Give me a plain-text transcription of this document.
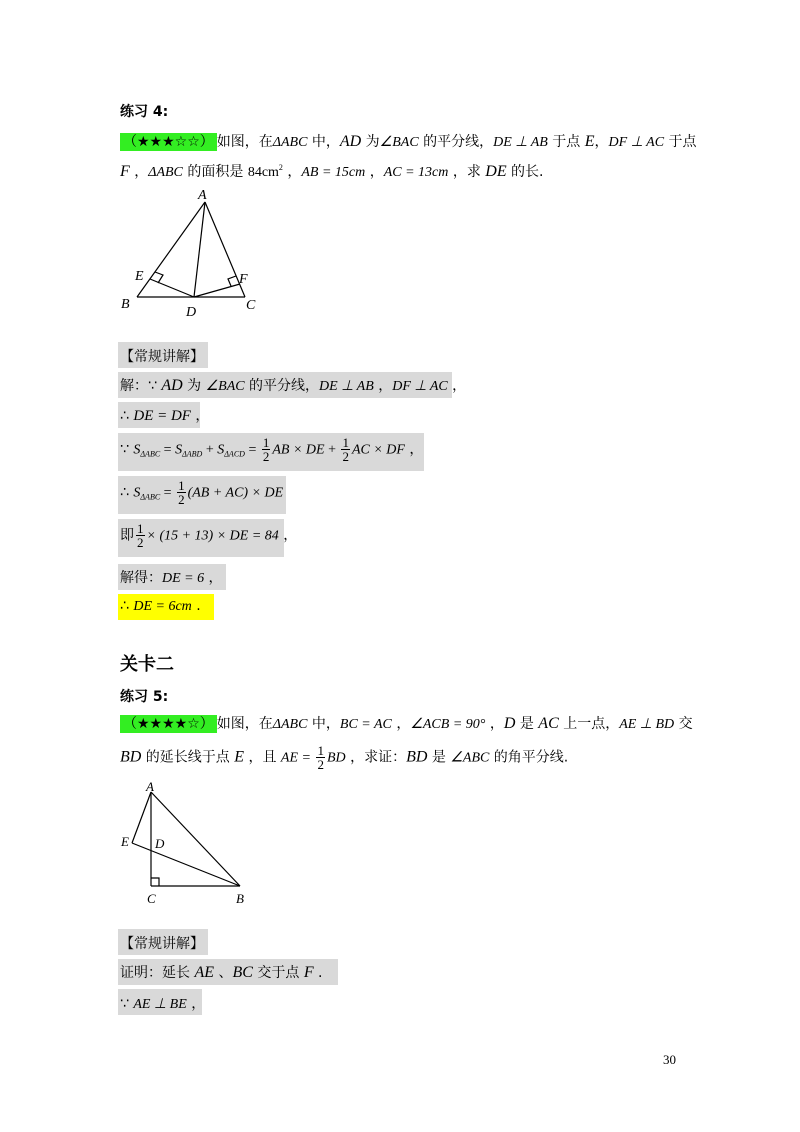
练习 4:
（★★★☆☆） 如图，在ΔABC 中，AD 为∠BAC 的平分线，DE ⊥ AB 于点 E，DF ⊥ AC 于点
F ，ΔABC 的面积是 $84cm^2$ ，AB = 15cm ，AC = 13cm ，求 DE 的长.
A
B	C
D
E	F
【常规讲解】
解：∵ AD 为 ∠BAC 的平分线，DE ⊥ AB ，DF ⊥ AC ，
∴ DE = DF ，
∵ $S_{\Delta ABC} = S_{\Delta ABD} + S_{\Delta ACD} = \frac{1}{2}$ AB × DE + $\frac{1}{2}$ AC × DF ，
∴ $S_{\Delta ABC} = \frac{1}{2} (AB + AC)$ × DE
即 $\frac{1}{2} \times (15 + 13)$ × DE = 84 ，
解得：DE = 6 ，
∴ DE = 6cm .
关卡二
练习 5:
（★★★★☆） 如图，在ΔABC 中，BC = AC ，∠ACB = 90° ，D 是 AC 上一点，AE ⊥ BD 交
BD 的延长线于点 E ，且 AE = $\frac{1}{2}$ BD ，求证：BD 是 ∠ABC 的角平分线.
A
E D
C	B
【常规讲解】
证明：延长 AE 、BC 交于点 F .
∵ AE ⊥ BE ，
30
